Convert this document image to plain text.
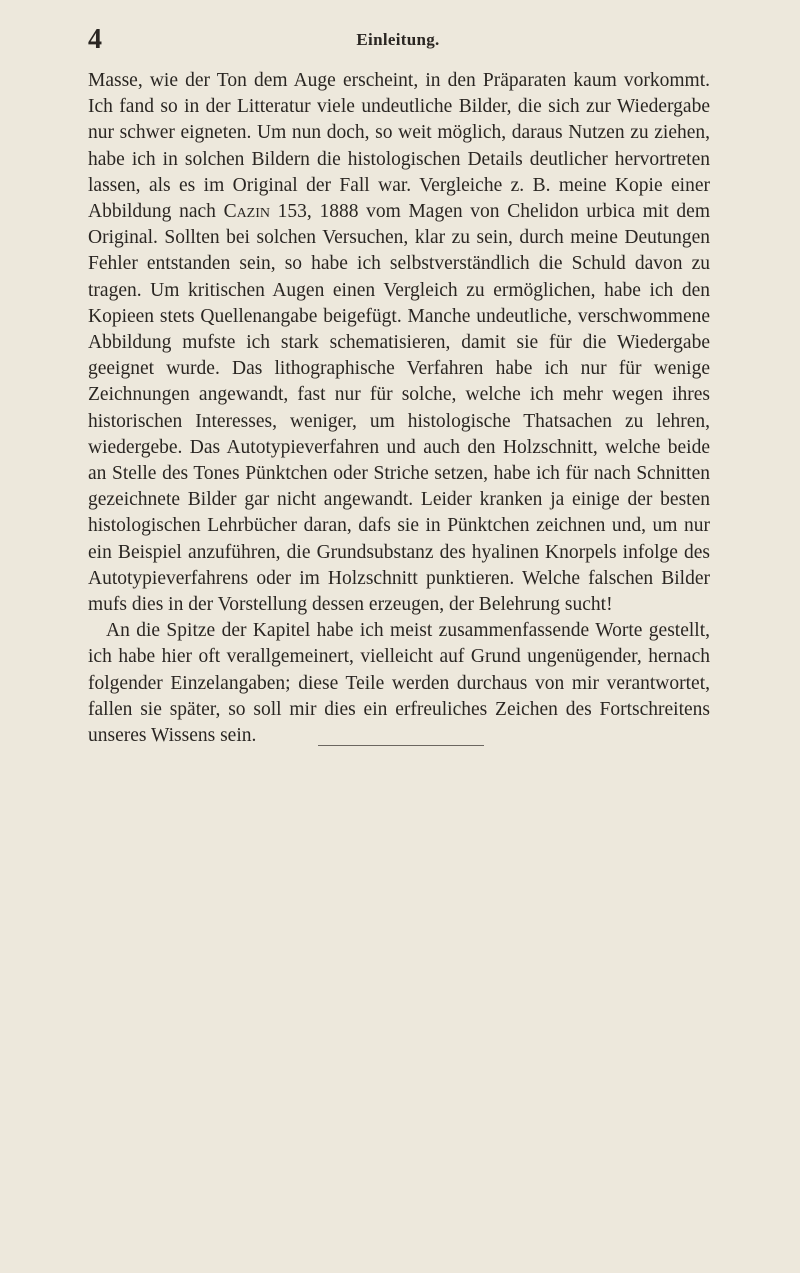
4	Einleitung.

Masse, wie der Ton dem Auge erscheint, in den Präparaten kaum vorkommt. Ich fand so in der Litteratur viele undeutliche Bilder, die sich zur Wiedergabe nur schwer eigneten. Um nun doch, so weit möglich, daraus Nutzen zu ziehen, habe ich in solchen Bildern die histologischen Details deutlicher hervortreten lassen, als es im Original der Fall war. Vergleiche z. B. meine Kopie einer Abbildung nach Cazin 153, 1888 vom Magen von Chelidon urbica mit dem Original. Sollten bei solchen Versuchen, klar zu sein, durch meine Deutungen Fehler entstanden sein, so habe ich selbstverständlich die Schuld davon zu tragen. Um kritischen Augen einen Vergleich zu ermöglichen, habe ich den Kopieen stets Quellenangabe beigefügt. Manche undeutliche, verschwommene Abbildung mufste ich stark schematisieren, damit sie für die Wiedergabe geeignet wurde. Das lithographische Verfahren habe ich nur für wenige Zeichnungen angewandt, fast nur für solche, welche ich mehr wegen ihres historischen Interesses, weniger, um histologische Thatsachen zu lehren, wiedergebe. Das Autotypieverfahren und auch den Holzschnitt, welche beide an Stelle des Tones Pünktchen oder Striche setzen, habe ich für nach Schnitten gezeichnete Bilder gar nicht angewandt. Leider kranken ja einige der besten histologischen Lehrbücher daran, dafs sie in Pünktchen zeichnen und, um nur ein Beispiel anzuführen, die Grundsubstanz des hyalinen Knorpels infolge des Autotypieverfahrens oder im Holzschnitt punktieren. Welche falschen Bilder mufs dies in der Vorstellung dessen erzeugen, der Belehrung sucht!

An die Spitze der Kapitel habe ich meist zusammenfassende Worte gestellt, ich habe hier oft verallgemeinert, vielleicht auf Grund ungenügender, hernach folgender Einzelangaben; diese Teile werden durchaus von mir verantwortet, fallen sie später, so soll mir dies ein erfreuliches Zeichen des Fortschreitens unseres Wissens sein.
